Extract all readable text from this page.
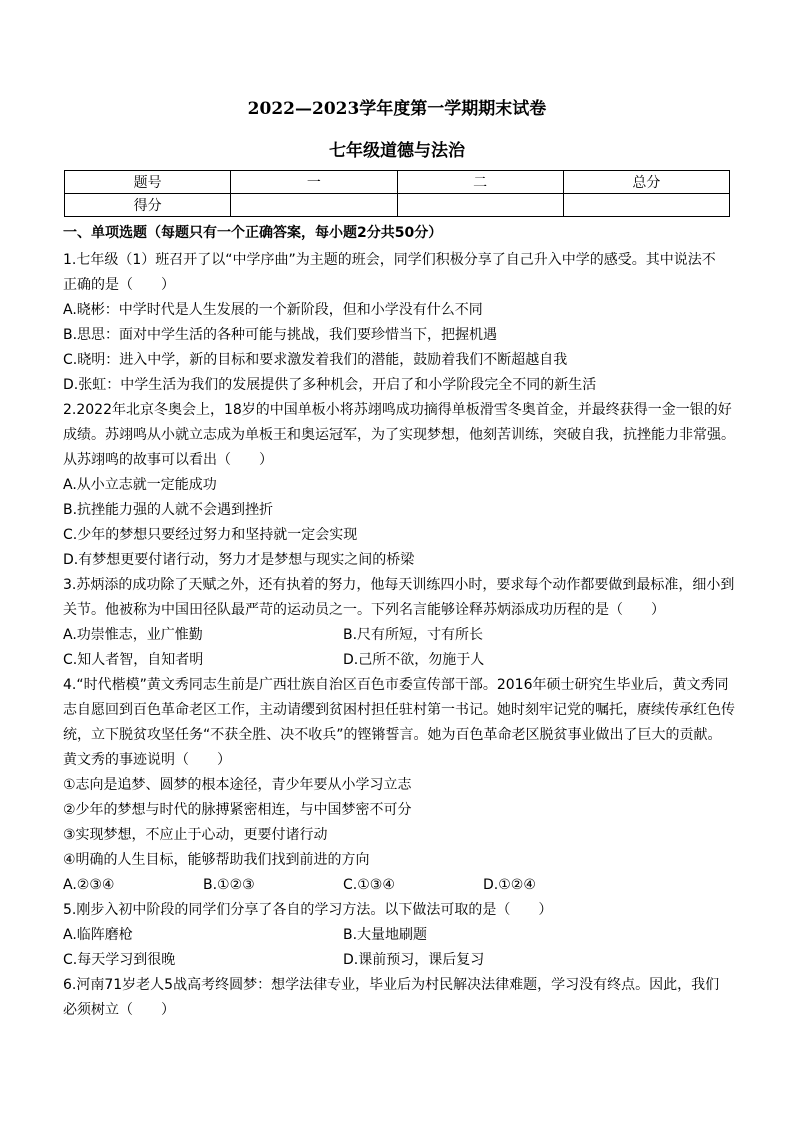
2022—2023学年度第一学期期末试卷
七年级道德与法治
题号	一	二	总分
得分			
一、单项选题（每题只有一个正确答案，每小题2分共50分）
1.七年级（1）班召开了以“中学序曲”为主题的班会，同学们积极分享了自己升入中学的感受。其中说法不
正确的是（　　）
A.晓彬：中学时代是人生发展的一个新阶段，但和小学没有什么不同
B.思思：面对中学生活的各种可能与挑战，我们要珍惜当下，把握机遇
C.晓明：进入中学，新的目标和要求激发着我们的潜能，鼓励着我们不断超越自我
D.张虹：中学生活为我们的发展提供了多种机会，开启了和小学阶段完全不同的新生活
2.2022年北京冬奥会上，18岁的中国单板小将苏翊鸣成功摘得单板滑雪冬奥首金，并最终获得一金一银的好
成绩。苏翊鸣从小就立志成为单板王和奥运冠军，为了实现梦想，他刻苦训练，突破自我，抗挫能力非常强。
从苏翊鸣的故事可以看出（　　）
A.从小立志就一定能成功
B.抗挫能力强的人就不会遇到挫折
C.少年的梦想只要经过努力和坚持就一定会实现
D.有梦想更要付诸行动，努力才是梦想与现实之间的桥梁
3.苏炳添的成功除了天赋之外，还有执着的努力，他每天训练四小时，要求每个动作都要做到最标准，细小到
关节。他被称为中国田径队最严苛的运动员之一。下列名言能够诠释苏炳添成功历程的是（　　）
A.功崇惟志，业广惟勤	B.尺有所短，寸有所长
C.知人者智，自知者明	D.己所不欲，勿施于人
4.“时代楷模”黄文秀同志生前是广西壮族自治区百色市委宣传部干部。2016年硕士研究生毕业后，黄文秀同
志自愿回到百色革命老区工作，主动请缨到贫困村担任驻村第一书记。她时刻牢记党的嘱托，赓续传承红色传
统，立下脱贫攻坚任务“不获全胜、决不收兵”的铿锵誓言。她为百色革命老区脱贫事业做出了巨大的贡献。
黄文秀的事迹说明（　　）
①志向是追梦、圆梦的根本途径，青少年要从小学习立志
②少年的梦想与时代的脉搏紧密相连，与中国梦密不可分
③实现梦想，不应止于心动，更要付诸行动
④明确的人生目标，能够帮助我们找到前进的方向
A.②③④	B.①②③	C.①③④	D.①②④
5.刚步入初中阶段的同学们分享了各自的学习方法。以下做法可取的是（　　）
A.临阵磨枪	B.大量地刷题
C.每天学习到很晚	D.课前预习，课后复习
6.河南71岁老人5战高考终圆梦：想学法律专业，毕业后为村民解决法律难题，学习没有终点。因此，我们
必须树立（　　）
